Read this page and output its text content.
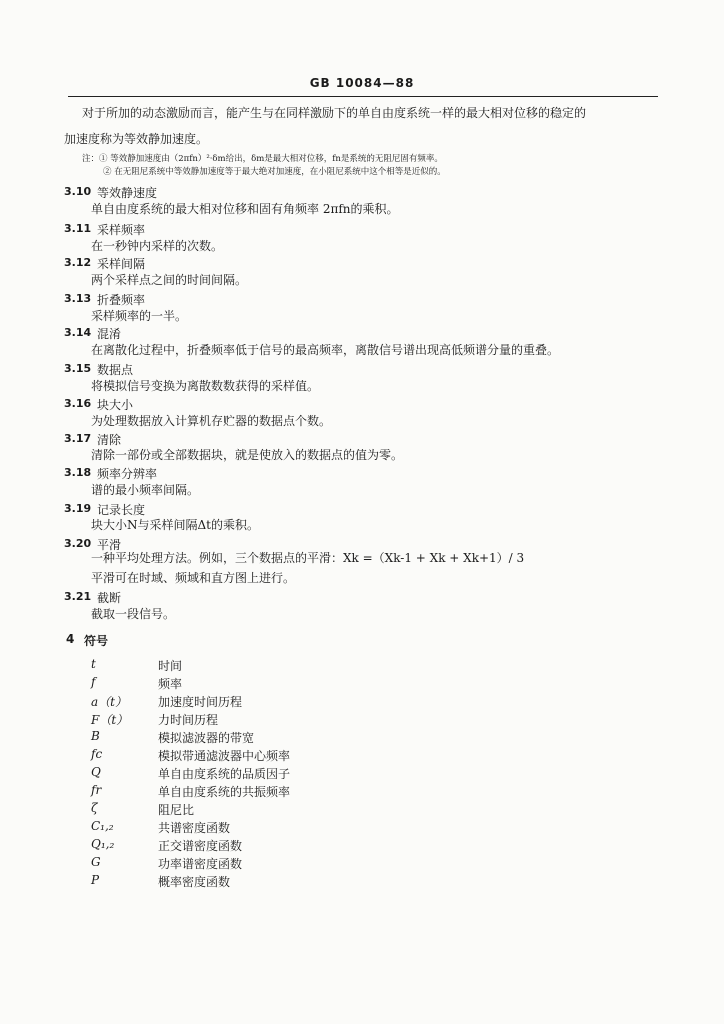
GB 10084—88
对于所加的动态激励而言，能产生与在同样激励下的单自由度系统一样的最大相对位移的稳定的
加速度称为等效静加速度。
注：① 等效静加速度由（2πfn）²·δm给出，δm是最大相对位移，fn是系统的无阻尼固有频率。
② 在无阻尼系统中等效静加速度等于最大绝对加速度，在小阻尼系统中这个相等是近似的。
3.10 等效静速度
单自由度系统的最大相对位移和固有角频率 2πfn的乘积。
3.11 采样频率
在一秒钟内采样的次数。
3.12 采样间隔
两个采样点之间的时间间隔。
3.13 折叠频率
采样频率的一半。
3.14 混淆
在离散化过程中，折叠频率低于信号的最高频率，离散信号谱出现高低频谱分量的重叠。
3.15 数据点
将模拟信号变换为离散数数获得的采样值。
3.16 块大小
为处理数据放入计算机存贮器的数据点个数。
3.17 清除
清除一部份或全部数据块，就是使放入的数据点的值为零。
3.18 频率分辨率
谱的最小频率间隔。
3.19 记录长度
块大小N与采样间隔Δt的乘积。
3.20 平滑
一种平均处理方法。例如，三个数据点的平滑：Xk =（Xk-1 + Xk + Xk+1）/ 3
平滑可在时域、频域和直方图上进行。
3.21 截断
截取一段信号。
4 符号
t	时间
f	频率
a（t）	加速度时间历程
F（t） 力时间历程
B	模拟滤波器的带宽
fc	模拟带通滤波器中心频率
Q	单自由度系统的品质因子
fr	单自由度系统的共振频率
ζ	阻尼比
C₁,₂	共谱密度函数
Q₁,₂	正交谱密度函数
G	功率谱密度函数
P	概率密度函数
